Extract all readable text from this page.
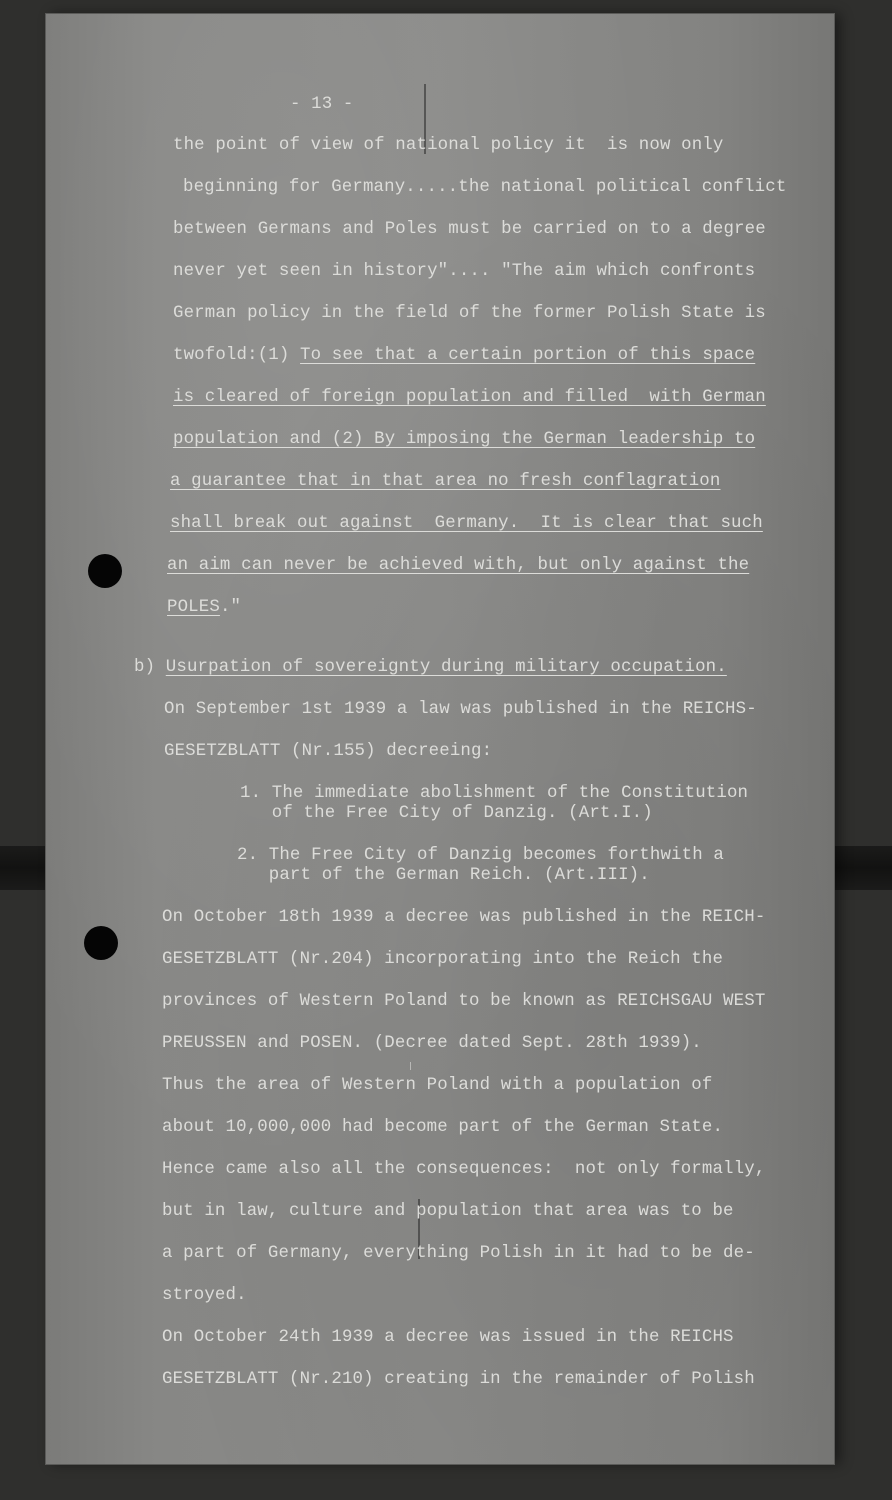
- 13 -

the point of view of national policy it  is now only

beginning for Germany.....the national political conflict

between Germans and Poles must be carried on to a degree

never yet seen in history".... "The aim which confronts

German policy in the field of the former Polish State is

twofold:(1) To see that a certain portion of this space

is cleared of foreign population and filled  with German

population and (2) By imposing the German leadership to

a guarantee that in that area no fresh conflagration

shall break out against  Germany.  It is clear that such

an aim can never be achieved with, but only against the

POLES."

b) Usurpation of sovereignty during military occupation.

On September 1st 1939 a law was published in the REICHS-

GESETZBLATT (Nr.155) decreeing:

1. The immediate abolishment of the Constitution

of the Free City of Danzig. (Art.I.)

2. The Free City of Danzig becomes forthwith a

part of the German Reich. (Art.III).

On October 18th 1939 a decree was published in the REICH-

GESETZBLATT (Nr.204) incorporating into the Reich the

provinces of Western Poland to be known as REICHSGAU WEST

PREUSSEN and POSEN. (Decree dated Sept. 28th 1939).

Thus the area of Western Poland with a population of

about 10,000,000 had become part of the German State.

Hence came also all the consequences:  not only formally,

but in law, culture and population that area was to be

a part of Germany, everything Polish in it had to be de-

stroyed.

On October 24th 1939 a decree was issued in the REICHS

GESETZBLATT (Nr.210) creating in the remainder of Polish
